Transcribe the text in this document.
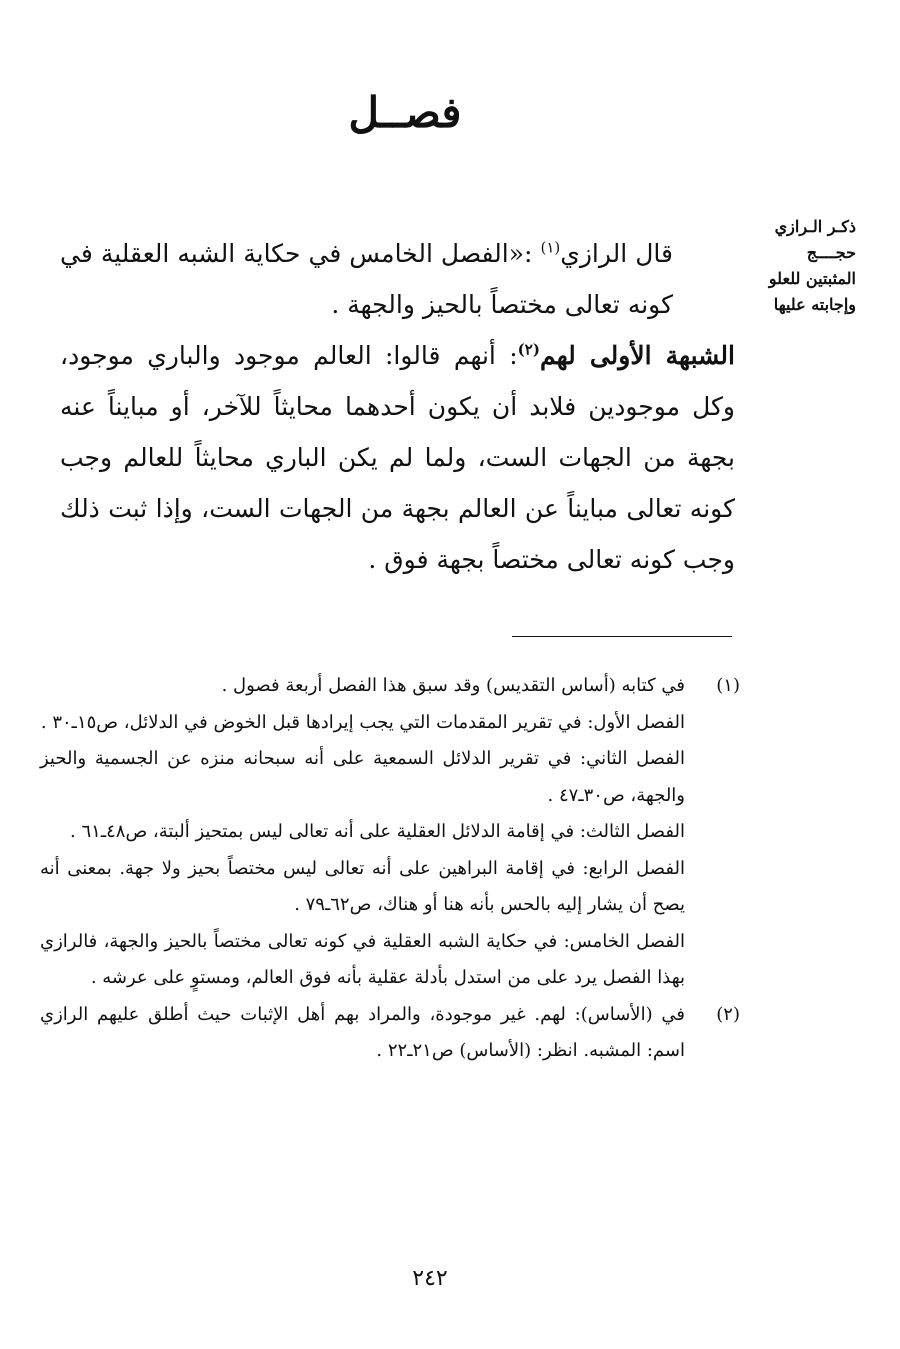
فصــل
ذكـر الـرازي
حجــــج
المثبتين للعلو
وإجابته عليها

قال الرازي$^{(١)}$ :«الفصل الخامس في حكاية الشبه العقلية في كونه تعالى مختصاً بالحيز والجهة .

الشبهة الأولى لهم$^{(٢)}$: أنهم قالوا: العالم موجود والباري موجود، وكل موجودين فلابد أن يكون أحدهما محايثاً للآخر، أو مبايناً عنه بجهة من الجهات الست، ولما لم يكن الباري محايثاً للعالم وجب كونه تعالى مبايناً عن العالم بجهة من الجهات الست، وإذا ثبت ذلك وجب كونه تعالى مختصاً بجهة فوق .

(١)
في كتابه (أساس التقديس) وقد سبق هذا الفصل أربعة فصول .
الفصل الأول: في تقرير المقدمات التي يجب إيرادها قبل الخوض في الدلائل، ص١٥ـ٣٠ .
الفصل الثاني: في تقرير الدلائل السمعية على أنه سبحانه منزه عن الجسمية والحيز والجهة، ص٣٠ـ٤٧ .
الفصل الثالث: في إقامة الدلائل العقلية على أنه تعالى ليس بمتحيز ألبتة، ص٤٨ـ٦١ .
الفصل الرابع: في إقامة البراهين على أنه تعالى ليس مختصاً بحيز ولا جهة. بمعنى أنه يصح أن يشار إليه بالحس بأنه هنا أو هناك، ص٦٢ـ٧٩ .
الفصل الخامس: في حكاية الشبه العقلية في كونه تعالى مختصاً بالحيز والجهة، فالرازي بهذا الفصل يرد على من استدل بأدلة عقلية بأنه فوق العالم، ومستوٍ على عرشه .
(٢)
في (الأساس): لهم. غير موجودة، والمراد بهم أهل الإثبات حيث أطلق عليهم الرازي اسم: المشبه. انظر: (الأساس) ص٢١ـ٢٢ .
٢٤٢
